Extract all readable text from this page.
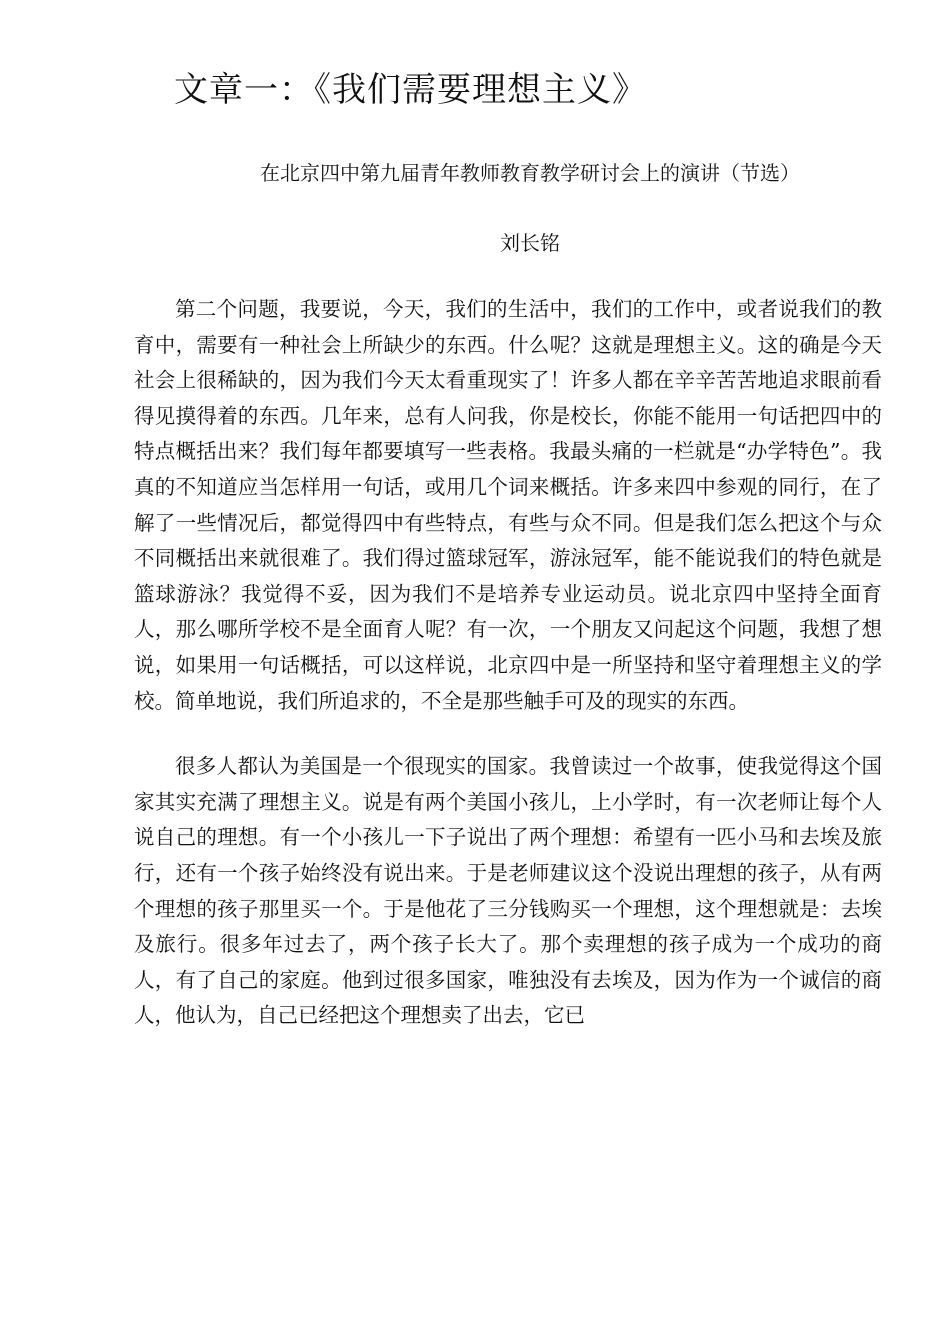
文章一：《我们需要理想主义》
在北京四中第九届青年教师教育教学研讨会上的演讲（节选）
刘长铭

第二个问题，我要说，今天，我们的生活中，我们的工作中，或者说我们的教育中，需要有一种社会上所缺少的东西。什么呢？这就是理想主义。这的确是今天社会上很稀缺的，因为我们今天太看重现实了！许多人都在辛辛苦苦地追求眼前看得见摸得着的东西。几年来，总有人问我，你是校长，你能不能用一句话把四中的特点概括出来？我们每年都要填写一些表格。我最头痛的一栏就是“办学特色”。我真的不知道应当怎样用一句话，或用几个词来概括。许多来四中参观的同行，在了解了一些情况后，都觉得四中有些特点，有些与众不同。但是我们怎么把这个与众不同概括出来就很难了。我们得过篮球冠军，游泳冠军，能不能说我们的特色就是篮球游泳？我觉得不妥，因为我们不是培养专业运动员。说北京四中坚持全面育人，那么哪所学校不是全面育人呢？有一次，一个朋友又问起这个问题，我想了想说，如果用一句话概括，可以这样说，北京四中是一所坚持和坚守着理想主义的学校。简单地说，我们所追求的，不全是那些触手可及的现实的东西。

很多人都认为美国是一个很现实的国家。我曾读过一个故事，使我觉得这个国家其实充满了理想主义。说是有两个美国小孩儿，上小学时，有一次老师让每个人说自己的理想。有一个小孩儿一下子说出了两个理想：希望有一匹小马和去埃及旅行，还有一个孩子始终没有说出来。于是老师建议这个没说出理想的孩子，从有两个理想的孩子那里买一个。于是他花了三分钱购买一个理想，这个理想就是：去埃及旅行。很多年过去了，两个孩子长大了。那个卖理想的孩子成为一个成功的商人，有了自己的家庭。他到过很多国家，唯独没有去埃及，因为作为一个诚信的商人，他认为，自己已经把这个理想卖了出去，它已
